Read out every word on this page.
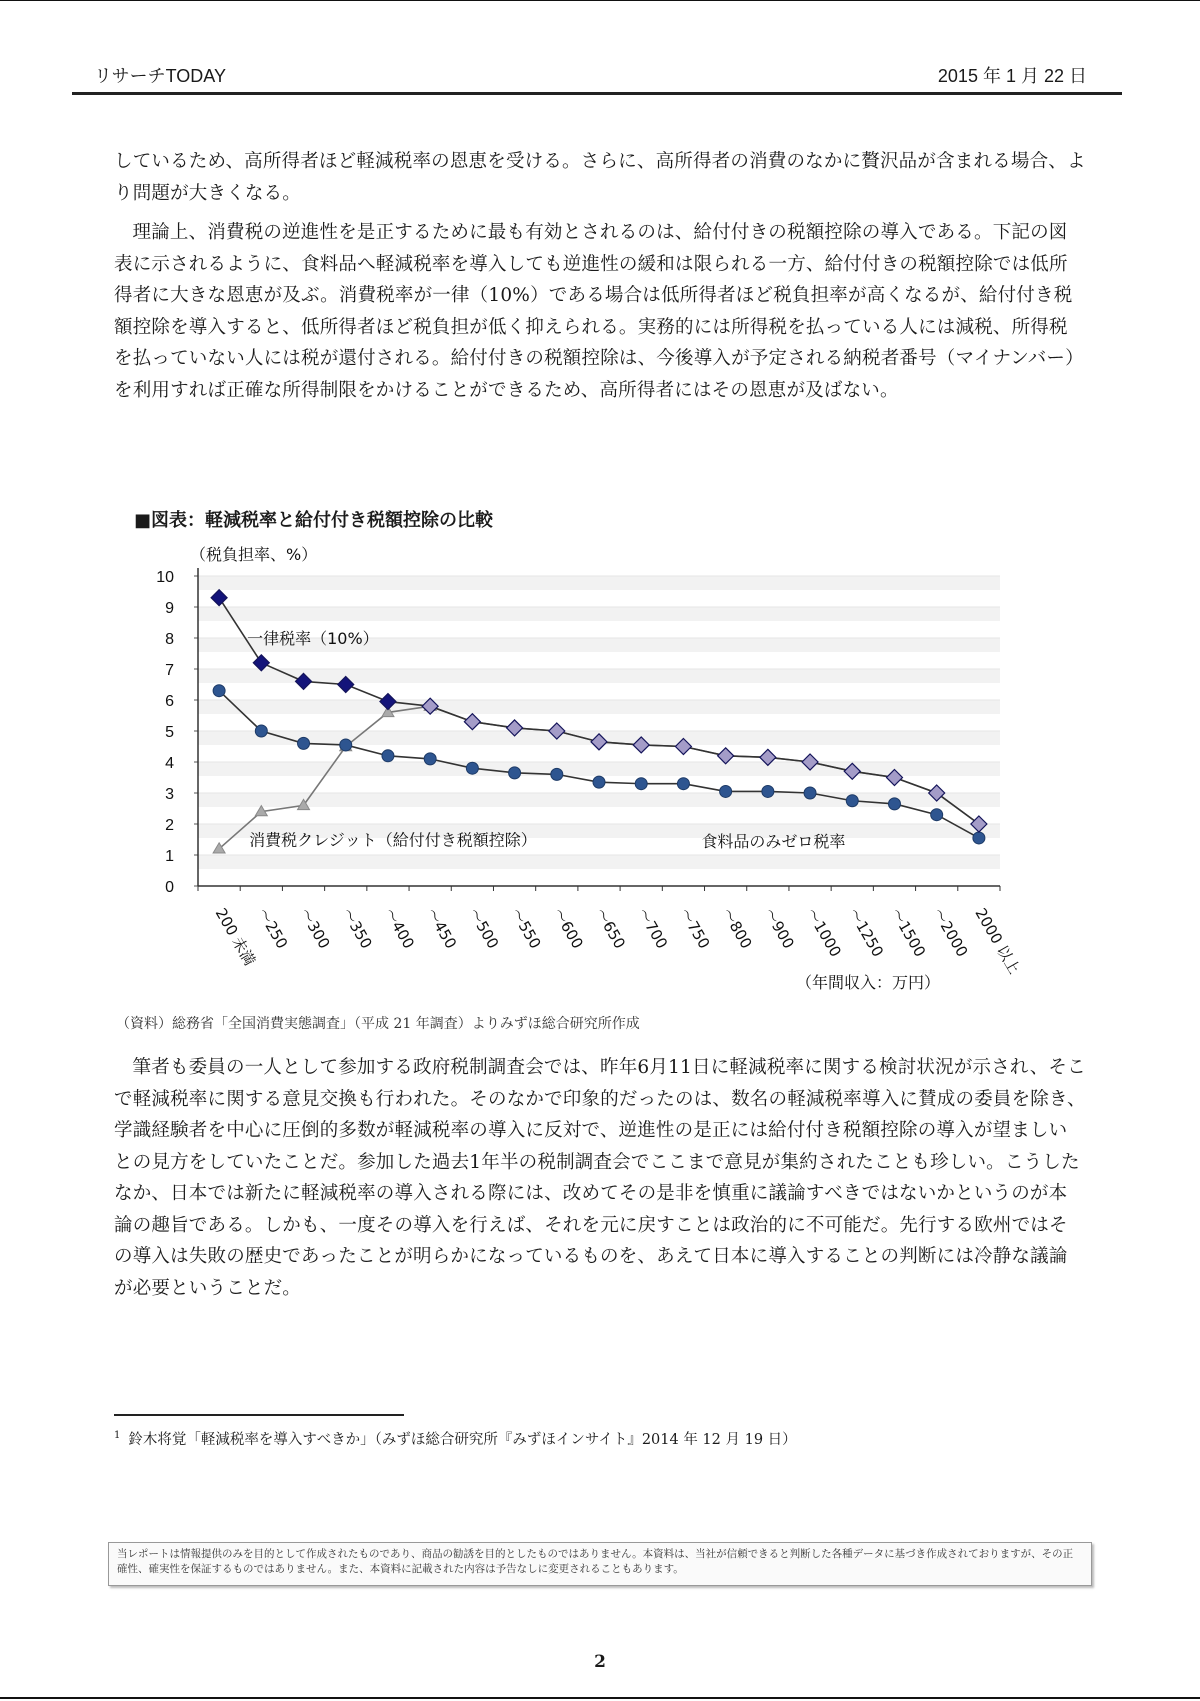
リサーチTODAY	2015 年 1 月 22 日

しているため、高所得者ほど軽減税率の恩恵を受ける。さらに、高所得者の消費のなかに贅沢品が含まれる場合、より問題が大きくなる。

理論上、消費税の逆進性を是正するために最も有効とされるのは、給付付きの税額控除の導入である。下記の図表に示されるように、食料品へ軽減税率を導入しても逆進性の緩和は限られる一方、給付付きの税額控除では低所得者に大きな恩恵が及ぶ。消費税率が一律（10%）である場合は低所得者ほど税負担率が高くなるが、給付付き税額控除を導入すると、低所得者ほど税負担が低く抑えられる。実務的には所得税を払っている人には減税、所得税を払っていない人には税が還付される。給付付きの税額控除は、今後導入が予定される納税者番号（マイナンバー）を利用すれば正確な所得制限をかけることができるため、高所得者にはその恩恵が及ばない。

■図表：軽減税率と給付付き税額控除の比較
0
1
2
3
4
5
6
7
8
9
10
（税負担率、%）
200 未満
～250 ～300 ～350 ～400 ～450 ～500 ～550 ～600 ～650 ～700 ～750 ～800 ～900 ～1000 ～1250 ～1500 ～2000 2000 以上
（年間収入：万円）
一律税率（10%）
消費税クレジット（給付付き税額控除）	食料品のみゼロ税率
（資料）総務省「全国消費実態調査」（平成 21 年調査）よりみずほ総合研究所作成

筆者も委員の一人として参加する政府税制調査会では、昨年6月11日に軽減税率に関する検討状況が示され、そこで軽減税率に関する意見交換も行われた。そのなかで印象的だったのは、数名の軽減税率導入に賛成の委員を除き、学識経験者を中心に圧倒的多数が軽減税率の導入に反対で、逆進性の是正には給付付き税額控除の導入が望ましいとの見方をしていたことだ。参加した過去1年半の税制調査会でここまで意見が集約されたことも珍しい。こうしたなか、日本では新たに軽減税率の導入される際には、改めてその是非を慎重に議論すべきではないかというのが本論の趣旨である。しかも、一度その導入を行えば、それを元に戻すことは政治的に不可能だ。先行する欧州ではその導入は失敗の歴史であったことが明らかになっているものを、あえて日本に導入することの判断には冷静な議論が必要ということだ。

$^1$ 鈴木将覚「軽減税率を導入すべきか」（みずほ総合研究所『みずほインサイト』2014 年 12 月 19 日）
当レポートは情報提供のみを目的として作成されたものであり、商品の勧誘を目的としたものではありません。本資料は、当社が信頼できると判断した各種データに基づき作成されておりますが、その正確性、確実性を保証するものではありません。また、本資料に記載された内容は予告なしに変更されることもあります。
2
